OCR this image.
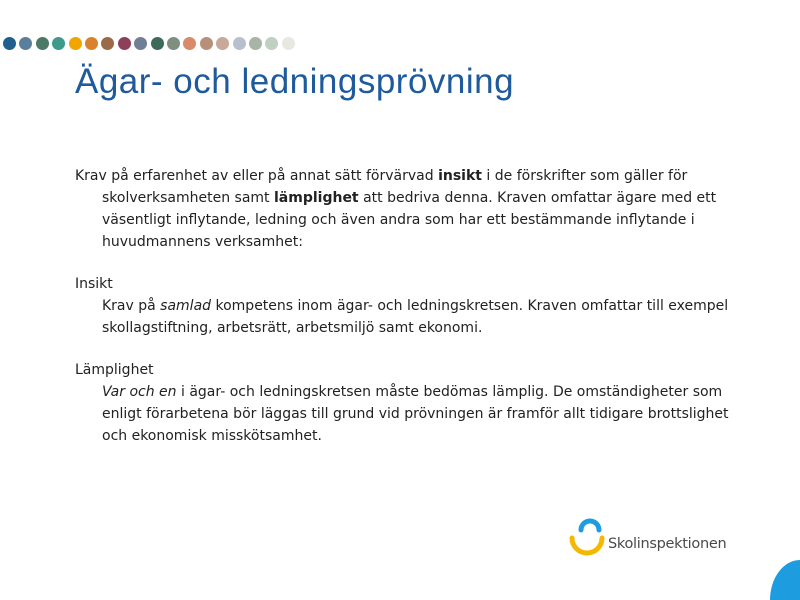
Ägar- och ledningsprövning

Krav på erfarenhet av eller på annat sätt förvärvad insikt i de förskrifter som gäller för skolverksamheten samt lämplighet att bedriva denna. Kraven omfattar ägare med ett väsentligt inflytande, ledning och även andra som har ett bestämmande inflytande i huvudmannens verksamhet:

Insikt

Krav på samlad kompetens inom ägar- och ledningskretsen. Kraven omfattar till exempel skollagstiftning, arbetsrätt, arbetsmiljö samt ekonomi.

Lämplighet

Var och en i ägar- och ledningskretsen måste bedömas lämplig. De omständigheter som enligt förarbetena bör läggas till grund vid prövningen är framför allt tidigare brottslighet och ekonomisk misskötsamhet.

Skolinspektionen
